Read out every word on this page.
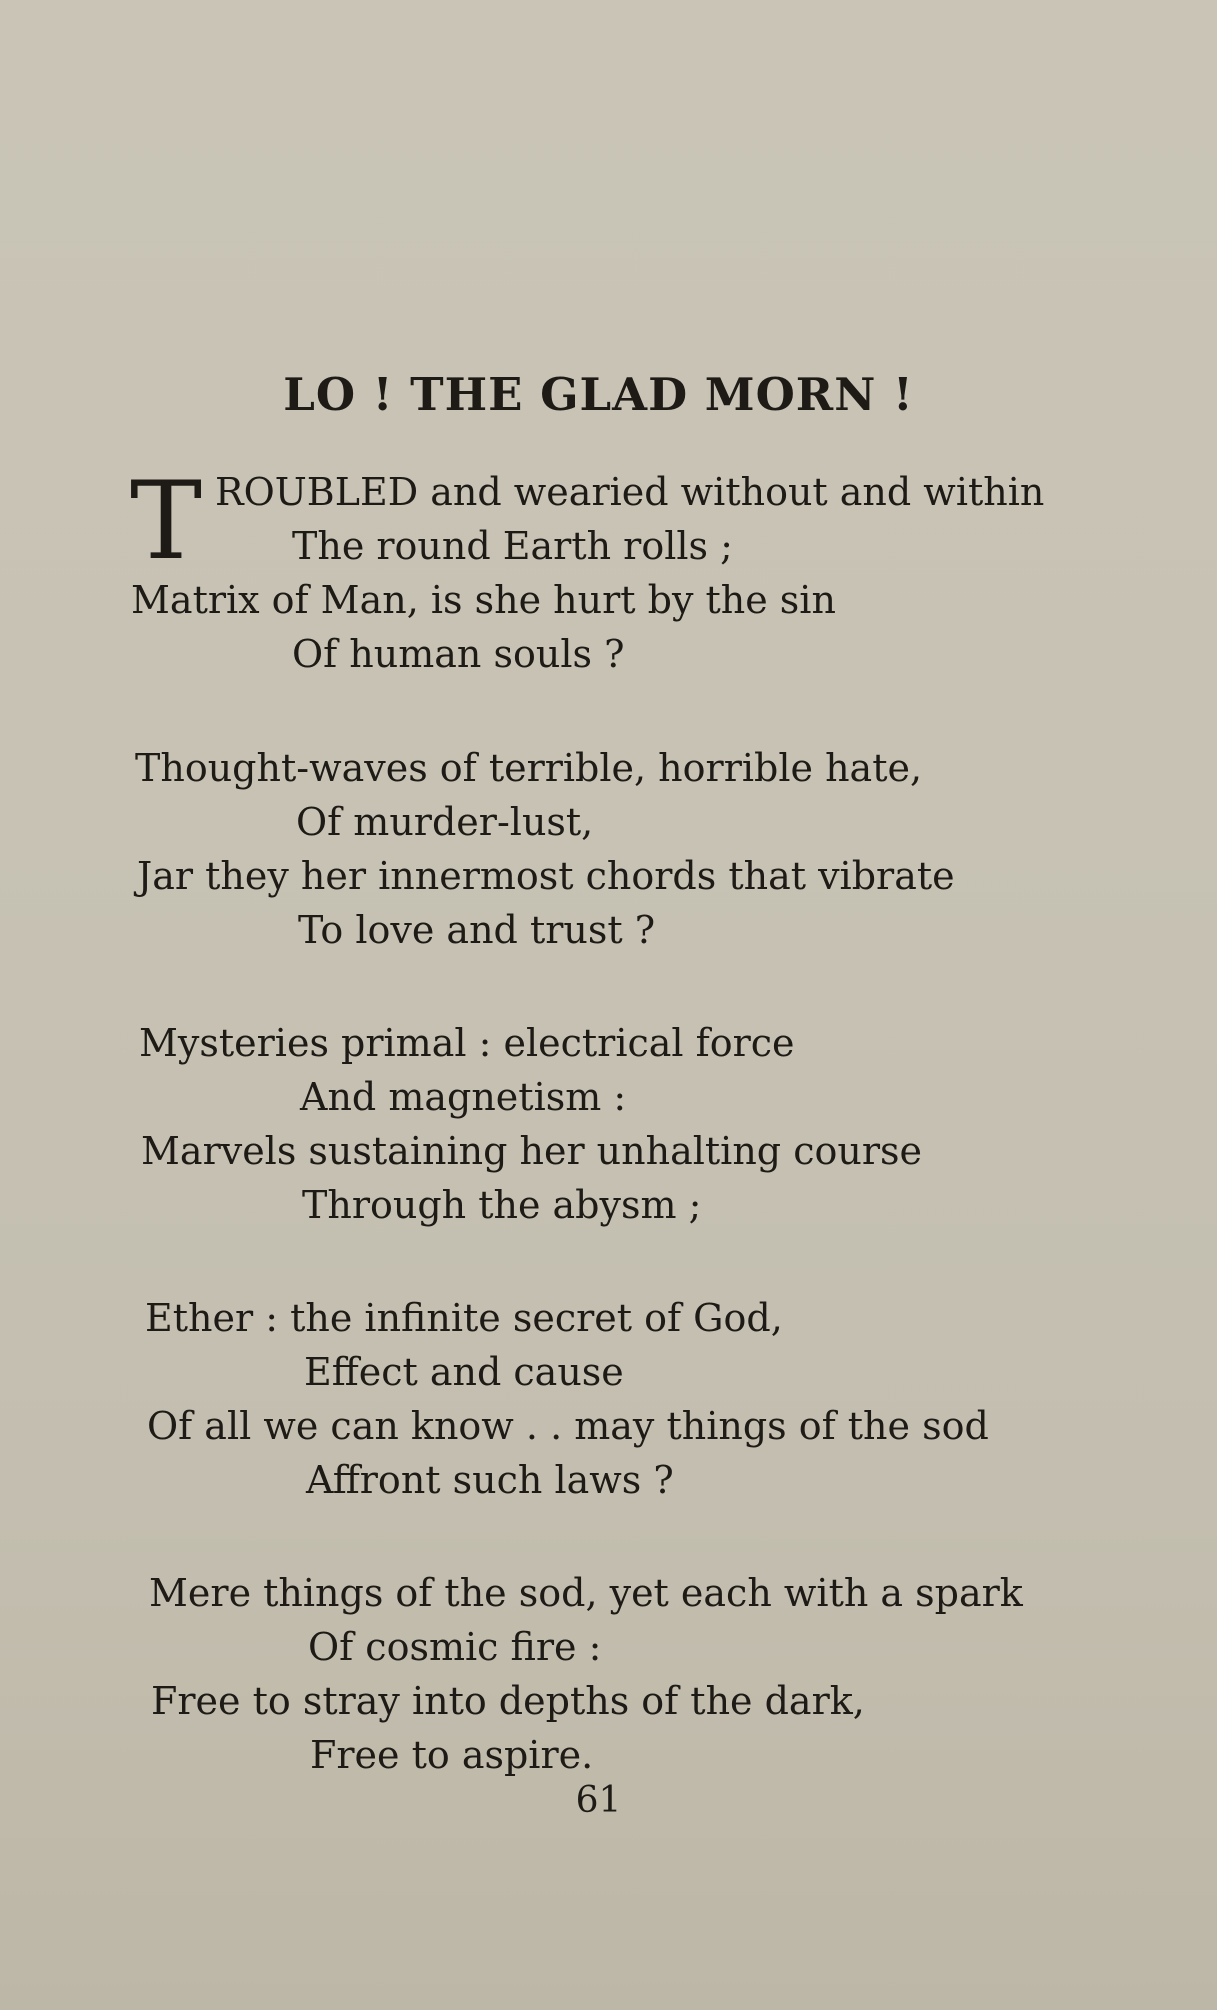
LO ! THE GLAD MORN !
T ROUBLED and wearied without and within
The round Earth rolls ;
Matrix of Man, is she hurt by the sin
Of human souls ?
Thought-waves of terrible, horrible hate,
Of murder-lust,
Jar they her innermost chords that vibrate
To love and trust ?
Mysteries primal : electrical force
And magnetism :
Marvels sustaining her unhalting course
Through the abysm ;
Ether : the infinite secret of God,
Effect and cause
Of all we can know . . may things of the sod
Affront such laws ?
Mere things of the sod, yet each with a spark
Of cosmic fire :
Free to stray into depths of the dark,
Free to aspire.
61
